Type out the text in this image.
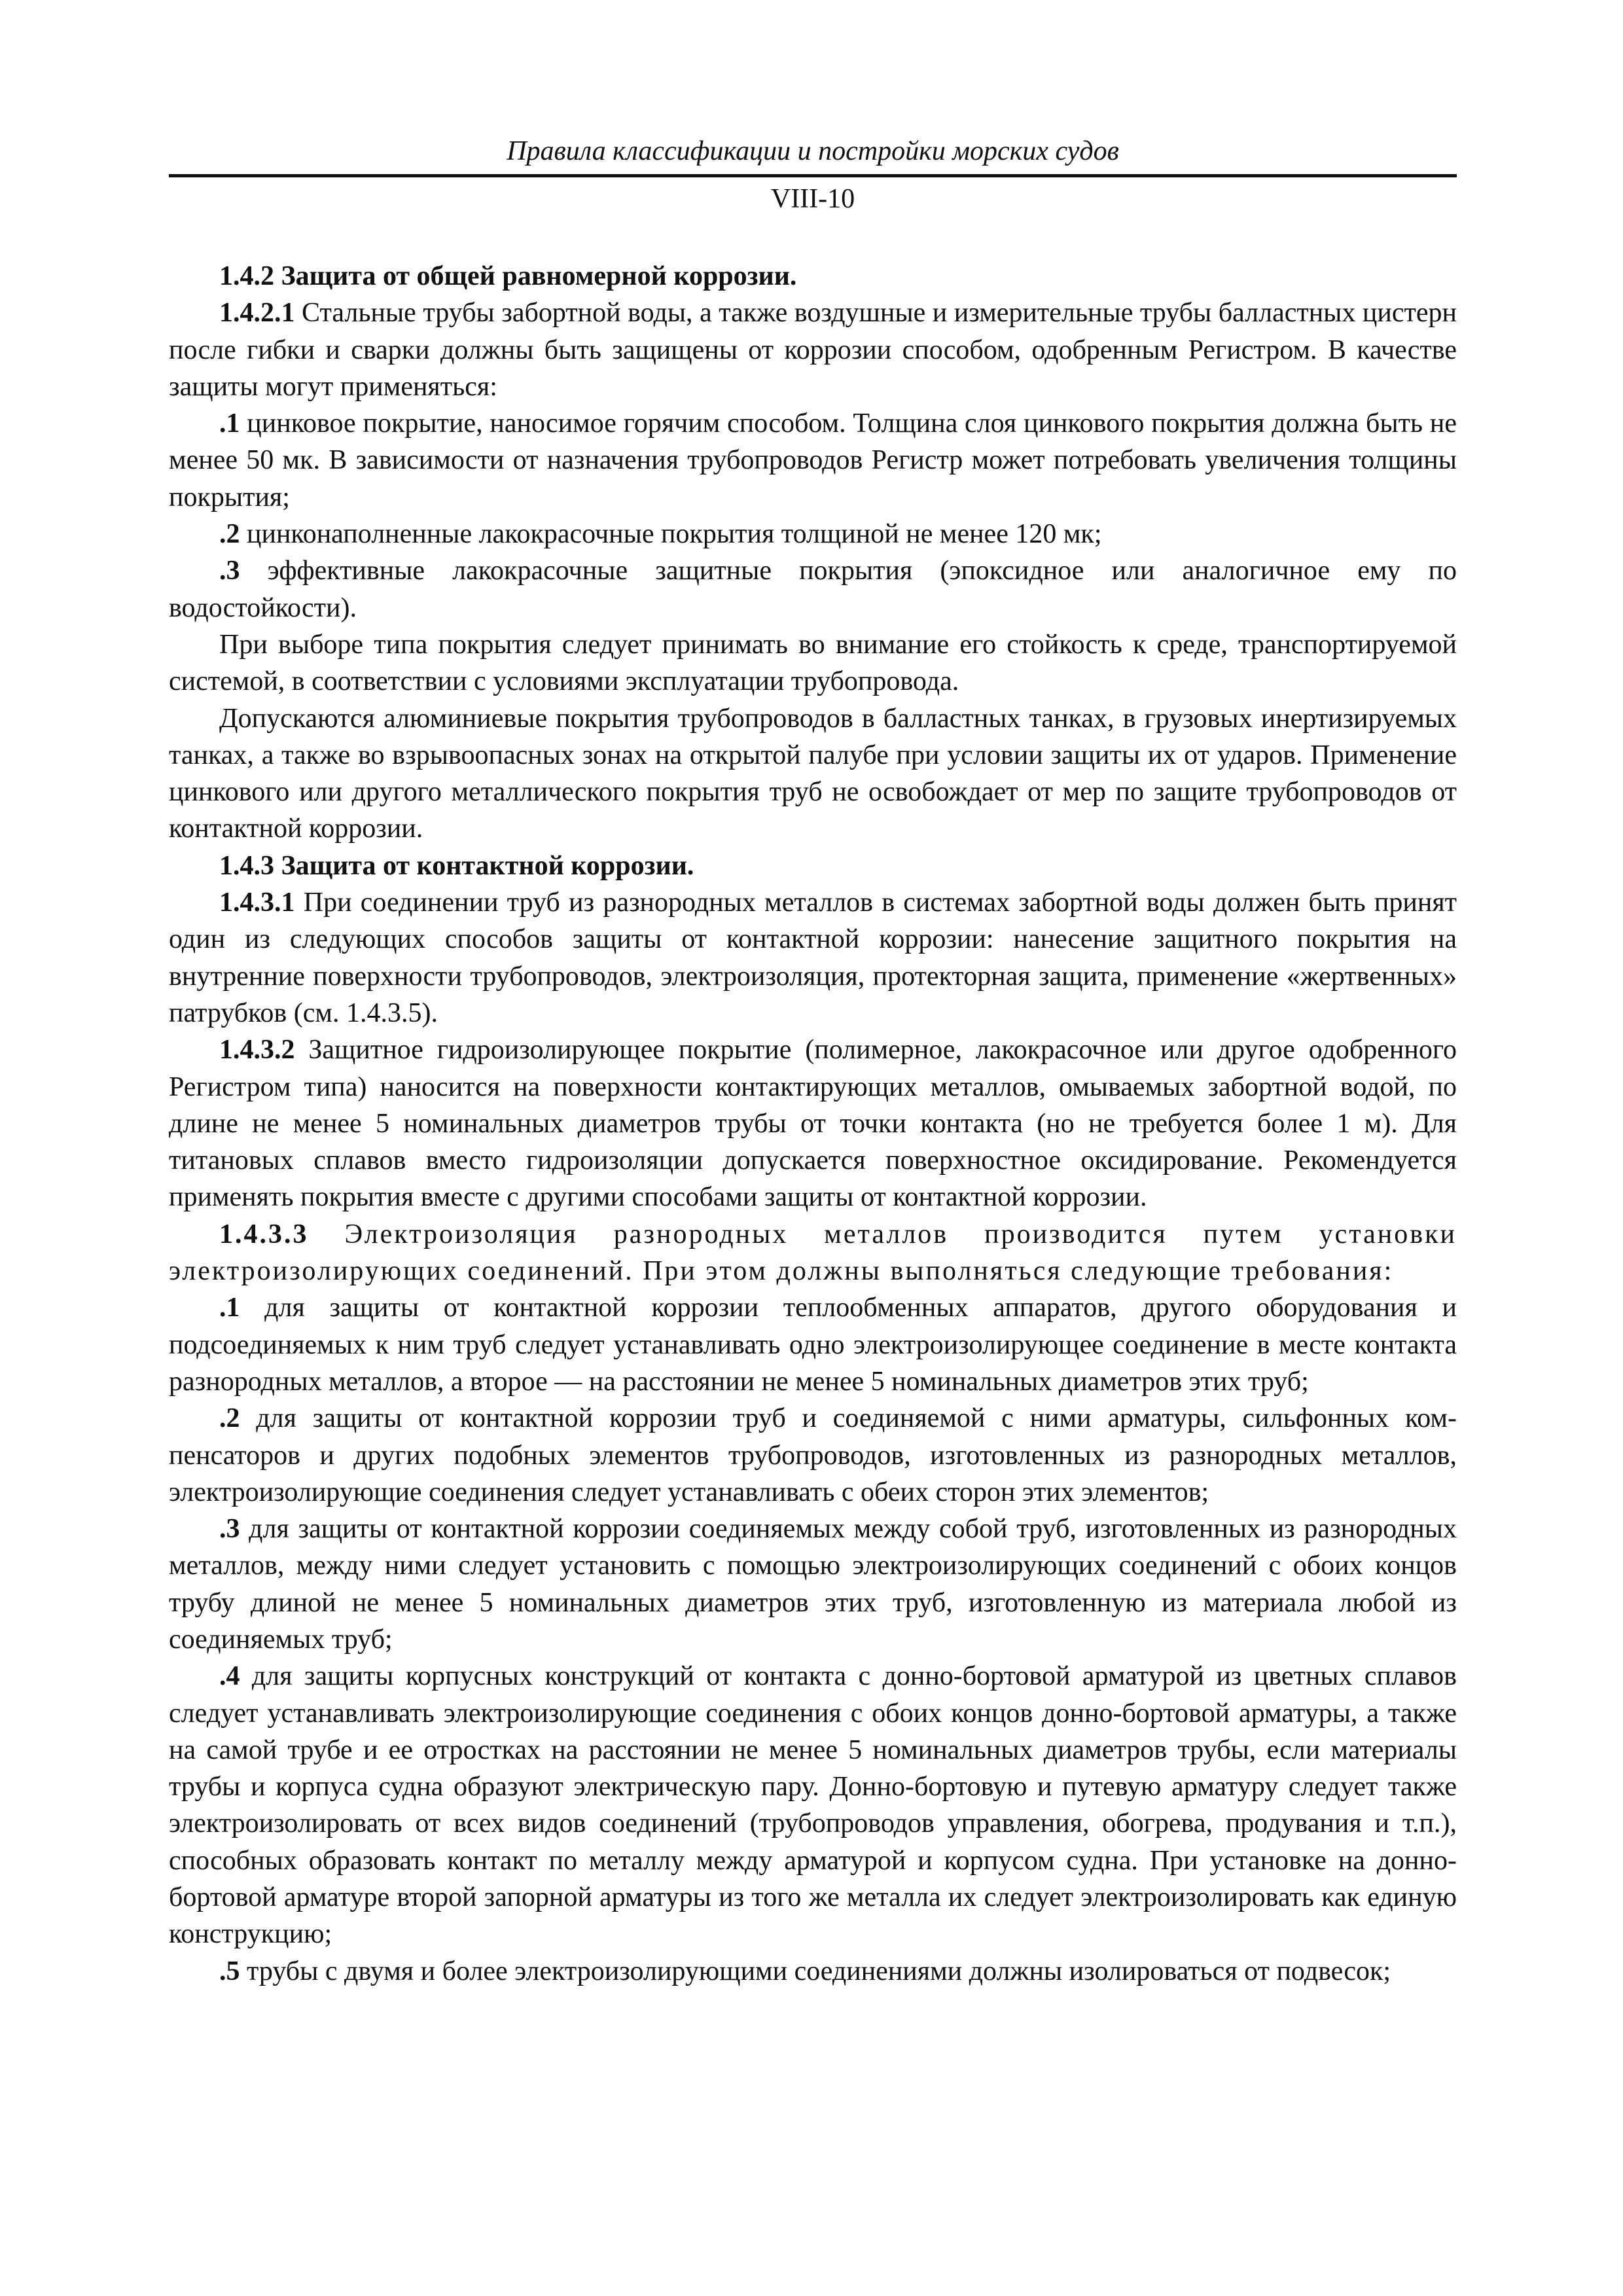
Правила классификации и постройки морских судов
VIII-10

1.4.2 Защита от общей равномерной коррозии.

1.4.2.1 Стальные трубы забортной воды, а также воздушные и измерительные трубы балластных цистерн после гибки и сварки должны быть защищены от коррозии способом, одобренным Регистром. В качестве защиты могут применяться:

.1 цинковое покрытие, наносимое горячим способом. Толщина слоя цинкового покрытия должна быть не менее 50 мк. В зависимости от назначения трубопроводов Регистр может потребовать увеличения толщины покрытия;

.2 цинконаполненные лакокрасочные покрытия толщиной не менее 120 мк;

.3 эффективные лакокрасочные защитные покрытия (эпоксидное или аналогичное ему по водостойкости).

При выборе типа покрытия следует принимать во внимание его стойкость к среде, транспортируемой системой, в соответствии с условиями эксплуатации трубопровода.

Допускаются алюминиевые покрытия трубопроводов в балластных танках, в грузовых инертизируемых танках, а также во взрывоопасных зонах на открытой палубе при условии защиты их от ударов. Применение цинкового или другого металлического покрытия труб не освобождает от мер по защите трубопроводов от контактной коррозии.

1.4.3 Защита от контактной коррозии.

1.4.3.1 При соединении труб из разнородных металлов в системах забортной воды должен быть принят один из следующих способов защиты от контактной коррозии: нанесение защитного покрытия на внутренние поверхности трубопроводов, электроизоляция, протекторная защита, применение «жертвенных» патрубков (см. 1.4.3.5).

1.4.3.2 Защитное гидроизолирующее покрытие (полимерное, лакокрасочное или другое одобренного Регистром типа) наносится на поверхности контактирующих металлов, омываемых забортной водой, по длине не менее 5 номинальных диаметров трубы от точки контакта (но не требуется более 1 м). Для титановых сплавов вместо гидроизоляции допускается поверхностное оксидирование. Рекомендуется применять покрытия вместе с другими способами защиты от контактной коррозии.

1.4.3.3 Электроизоляция разнородных металлов производится путем установки электроизолирующих соединений. При этом должны выполняться следующие требования:

.1 для защиты от контактной коррозии теплообменных аппаратов, другого оборудования и подсоединяемых к ним труб следует устанавливать одно электроизолирующее соединение в месте контакта разнородных металлов, а второе — на расстоянии не менее 5 номинальных диаметров этих труб;

.2 для защиты от контактной коррозии труб и соединяемой с ними арматуры, сильфонных компенсаторов и других подобных элементов трубопроводов, изготовленных из разнородных металлов, электроизолирующие соединения следует устанавливать с обеих сторон этих элементов;

.3 для защиты от контактной коррозии соединяемых между собой труб, изготовленных из разнородных металлов, между ними следует установить с помощью электроизолирующих соединений с обоих концов трубу длиной не менее 5 номинальных диаметров этих труб, изготовленную из материала любой из соединяемых труб;

.4 для защиты корпусных конструкций от контакта с донно-бортовой арматурой из цветных сплавов следует устанавливать электроизолирующие соединения с обоих концов донно-бортовой арматуры, а также на самой трубе и ее отростках на расстоянии не менее 5 номинальных диаметров трубы, если материалы трубы и корпуса судна образуют электрическую пару. Донно-бортовую и путевую арматуру следует также электроизолировать от всех видов соединений (трубопроводов управления, обогрева, продувания и т.п.), способных образовать контакт по металлу между арматурой и корпусом судна. При установке на донно-бортовой арматуре второй запорной арматуры из того же металла их следует электроизолировать как единую конструкцию;

.5 трубы с двумя и более электроизолирующими соединениями должны изолироваться от подвесок;
